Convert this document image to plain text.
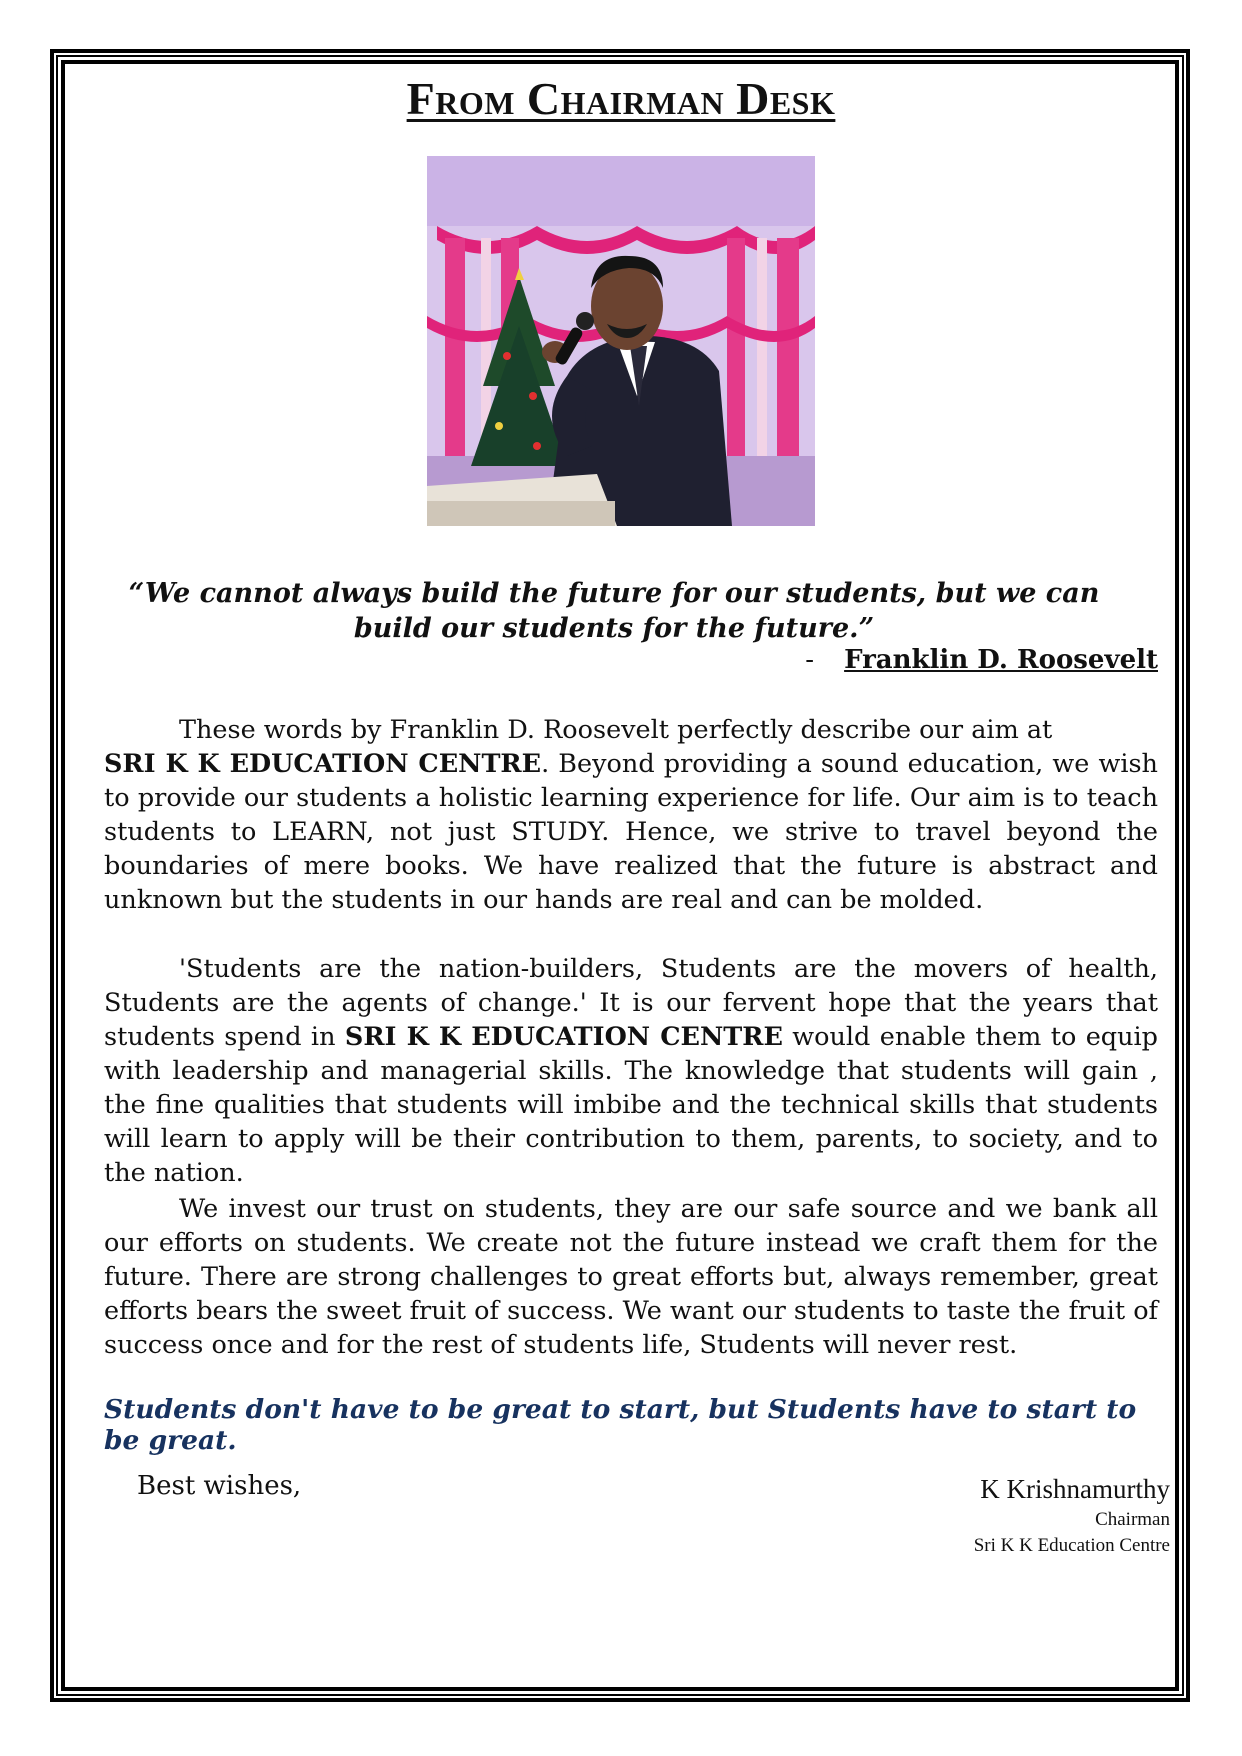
From Chairman Desk
“We cannot always build the future for our students, but we can build our students for the future.”
- Franklin D. Roosevelt

These words by Franklin D. Roosevelt perfectly describe our aim at
SRI K K EDUCATION CENTRE. Beyond providing a sound education, we wish to provide our students a holistic learning experience for life. Our aim is to teach students to LEARN, not just STUDY. Hence, we strive to travel beyond the boundaries of mere books. We have realized that the future is abstract and unknown but the students in our hands are real and can be molded.

'Students are the nation-builders, Students are the movers of health, Students are the agents of change.' It is our fervent hope that the years that students spend in SRI K K EDUCATION CENTRE would enable them to equip with leadership and managerial skills. The knowledge that students will gain , the fine qualities that students will imbibe and the technical skills that students will learn to apply will be their contribution to them, parents, to society, and to the nation.

We invest our trust on students, they are our safe source and we bank all our efforts on students. We create not the future instead we craft them for the future. There are strong challenges to great efforts but, always remember, great efforts bears the sweet fruit of success. We want our students to taste the fruit of success once and for the rest of students life, Students will never rest.

Students don't have to be great to start, but Students have to start to be great.
Best wishes,	K Krishnamurthy
Chairman
Sri K K Education Centre
